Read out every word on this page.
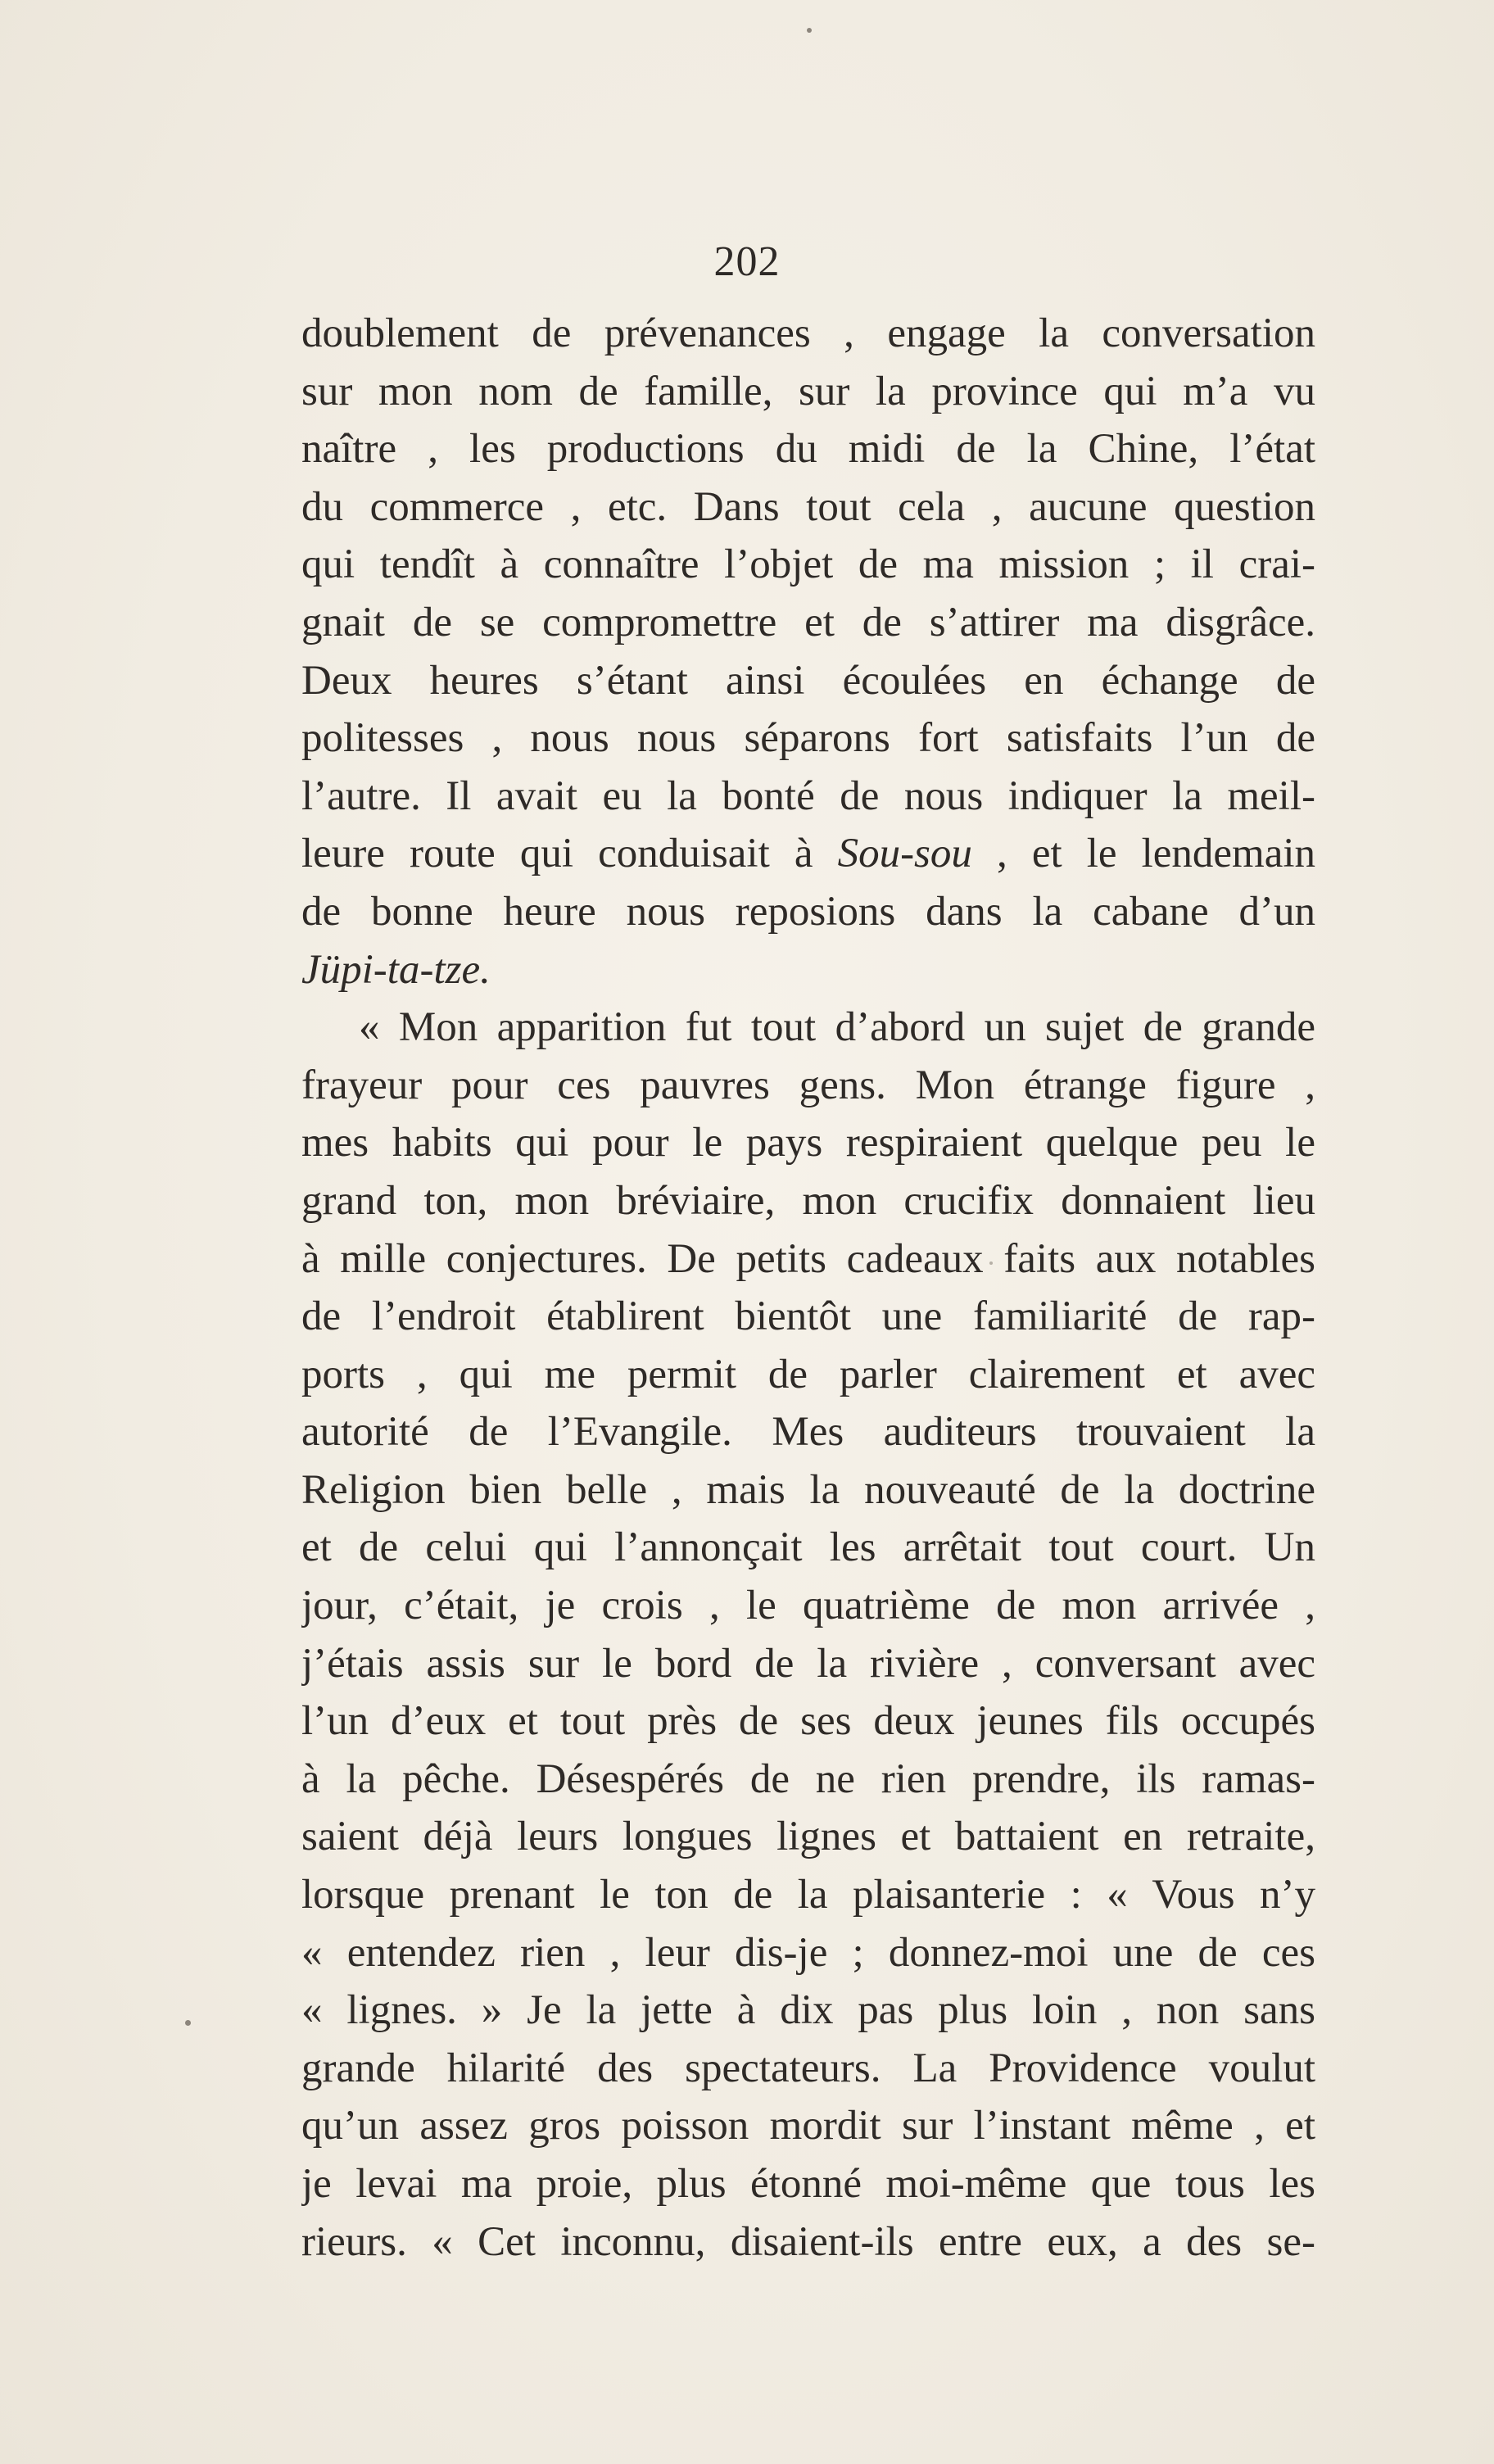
202
doublement de prévenances , engage la conversation
sur mon nom de famille, sur la province qui m’a vu
naître , les productions du midi de la Chine, l’état
du commerce , etc. Dans tout cela , aucune question
qui tendît à connaître l’objet de ma mission ; il crai-
gnait de se compromettre et de s’attirer ma disgrâce.
Deux heures s’étant ainsi écoulées en échange de
politesses , nous nous séparons fort satisfaits l’un de
l’autre. Il avait eu la bonté de nous indiquer la meil-
leure route qui conduisait à Sou-sou , et le lendemain
de bonne heure nous reposions dans la cabane d’un
Jüpi-ta-tze.
« Mon apparition fut tout d’abord un sujet de grande
frayeur pour ces pauvres gens. Mon étrange figure ,
mes habits qui pour le pays respiraient quelque peu le
grand ton, mon bréviaire, mon crucifix donnaient lieu
à mille conjectures. De petits cadeaux faits aux notables
de l’endroit établirent bientôt une familiarité de rap-
ports , qui me permit de parler clairement et avec
autorité de l’Evangile. Mes auditeurs trouvaient la
Religion bien belle , mais la nouveauté de la doctrine
et de celui qui l’annonçait les arrêtait tout court. Un
jour, c’était, je crois , le quatrième de mon arrivée ,
j’étais assis sur le bord de la rivière , conversant avec
l’un d’eux et tout près de ses deux jeunes fils occupés
à la pêche. Désespérés de ne rien prendre, ils ramas-
saient déjà leurs longues lignes et battaient en retraite,
lorsque prenant le ton de la plaisanterie : « Vous n’y
« entendez rien , leur dis-je ; donnez-moi une de ces
« lignes. » Je la jette à dix pas plus loin , non sans
grande hilarité des spectateurs. La Providence voulut
qu’un assez gros poisson mordit sur l’instant même , et
je levai ma proie, plus étonné moi-même que tous les
rieurs. « Cet inconnu, disaient-ils entre eux, a des se-
